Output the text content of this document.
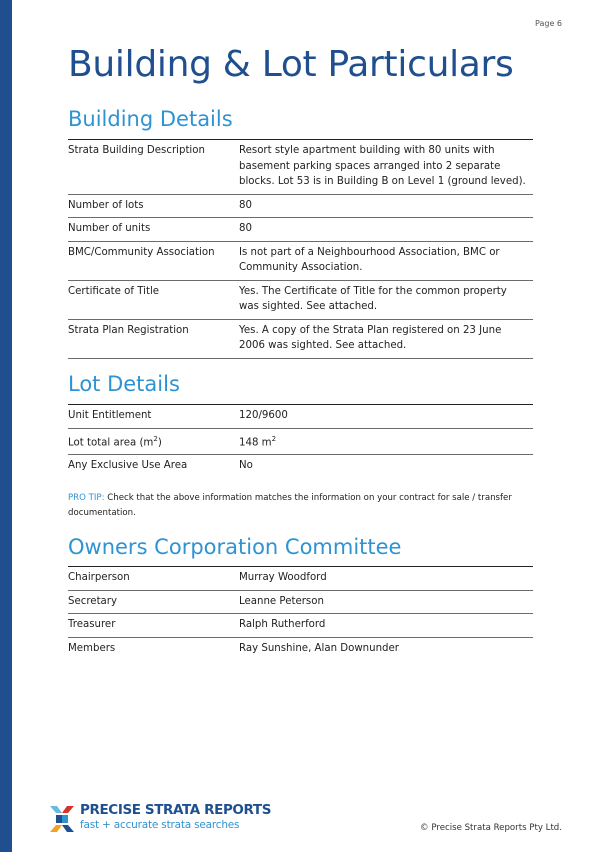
Page 6
Building & Lot Particulars
Building Details
Strata Building Description	Resort style apartment building with 80 units with basement parking spaces arranged into 2 separate blocks. Lot 53 is in Building B on Level 1 (ground leved).
Number of lots	80
Number of units	80
BMC/Community Association	Is not part of a Neighbourhood Association, BMC or Community Association.
Certificate of Title	Yes. The Certificate of Title for the common property was sighted. See attached.
Strata Plan Registration	Yes. A copy of the Strata Plan registered on 23 June 2006 was sighted. See attached.
Lot Details
Unit Entitlement	120/9600
Lot total area $(m^2)$	148 $m^2$
Any Exclusive Use Area	No
PRO TIP: Check that the above information matches the information on your contract for sale / transfer documentation.
Owners Corporation Committee
Chairperson	Murray Woodford
Secretary	Leanne Peterson
Treasurer	Ralph Rutherford
Members	Ray Sunshine, Alan Downunder
PRECISE STRATA REPORTS
fast + accurate strata searches	© Precise Strata Reports Pty Ltd.
